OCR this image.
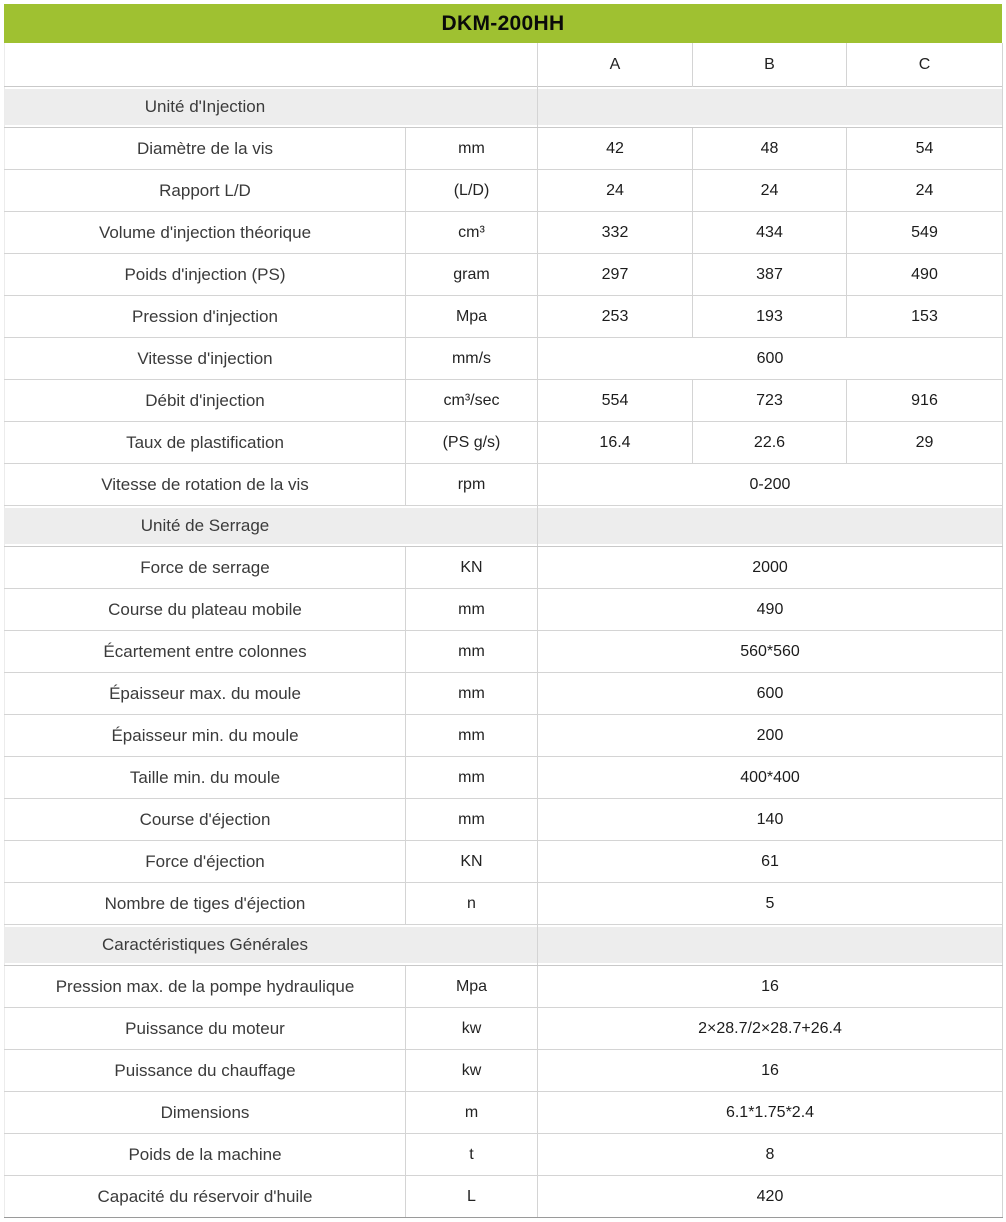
DKM-200HH
		A	B	C
Unité d'Injection				
Diamètre de la vis	mm	42	48	54
Rapport L/D	(L/D)	24	24	24
Volume d'injection théorique	cm³	332	434	549
Poids d'injection (PS)	gram	297	387	490
Pression d'injection	Mpa	253	193	153
Vitesse d'injection	mm/s	600		
Débit d'injection	cm³/sec	554	723	916
Taux de plastification	(PS g/s)	16.4	22.6	29
Vitesse de rotation de la vis	rpm	0-200		
Unité de Serrage				
Force de serrage	KN	2000		
Course du plateau mobile	mm	490		
Écartement entre colonnes	mm	560*560		
Épaisseur max. du moule	mm	600		
Épaisseur min. du moule	mm	200		
Taille min. du moule	mm	400*400		
Course d'éjection	mm	140		
Force d'éjection	KN	61		
Nombre de tiges d'éjection	n	5		
Caractéristiques Générales				
Pression max. de la pompe hydraulique	Mpa	16		
Puissance du moteur	kw	2×28.7/2×28.7+26.4		
Puissance du chauffage	kw	16		
Dimensions	m	6.1*1.75*2.4		
Poids de la machine	t	8		
Capacité du réservoir d'huile	L	420		
